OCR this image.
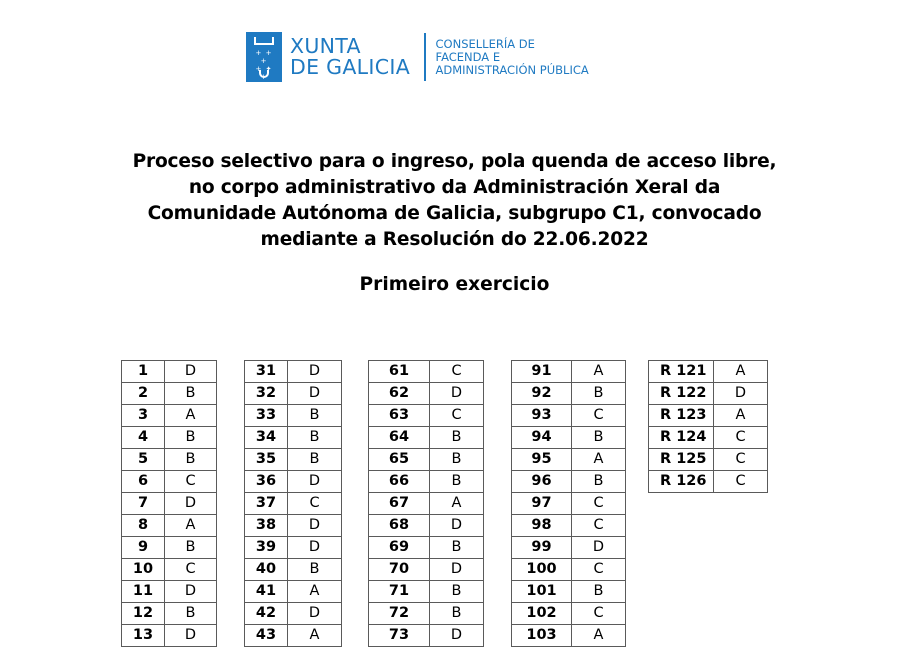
+ + +
+ ✦ +
+ + +
XUNTA
DE GALICIA
CONSELLERÍA DE
FACENDA E
ADMINISTRACIÓN PÚBLICA
Proceso selectivo para o ingreso, pola quenda de acceso libre,
no corpo administrativo da Administración Xeral da
Comunidade Autónoma de Galicia, subgrupo C1, convocado
mediante a Resolución do 22.06.2022
Primeiro exercicio
1	D
2	B
3	A
4	B
5	B
6	C
7	D
8	A
9	B
10	C
11	D
12	B
13	D
31	D
32	D
33	B
34	B
35	B
36	D
37	C
38	D
39	D
40	B
41	A
42	D
43	A
61	C
62	D
63	C
64	B
65	B
66	B
67	A
68	D
69	B
70	D
71	B
72	B
73	D
91	A
92	B
93	C
94	B
95	A
96	B
97	C
98	C
99	D
100	C
101	B
102	C
103	A
R 121	A
R 122	D
R 123	A
R 124	C
R 125	C
R 126	C
